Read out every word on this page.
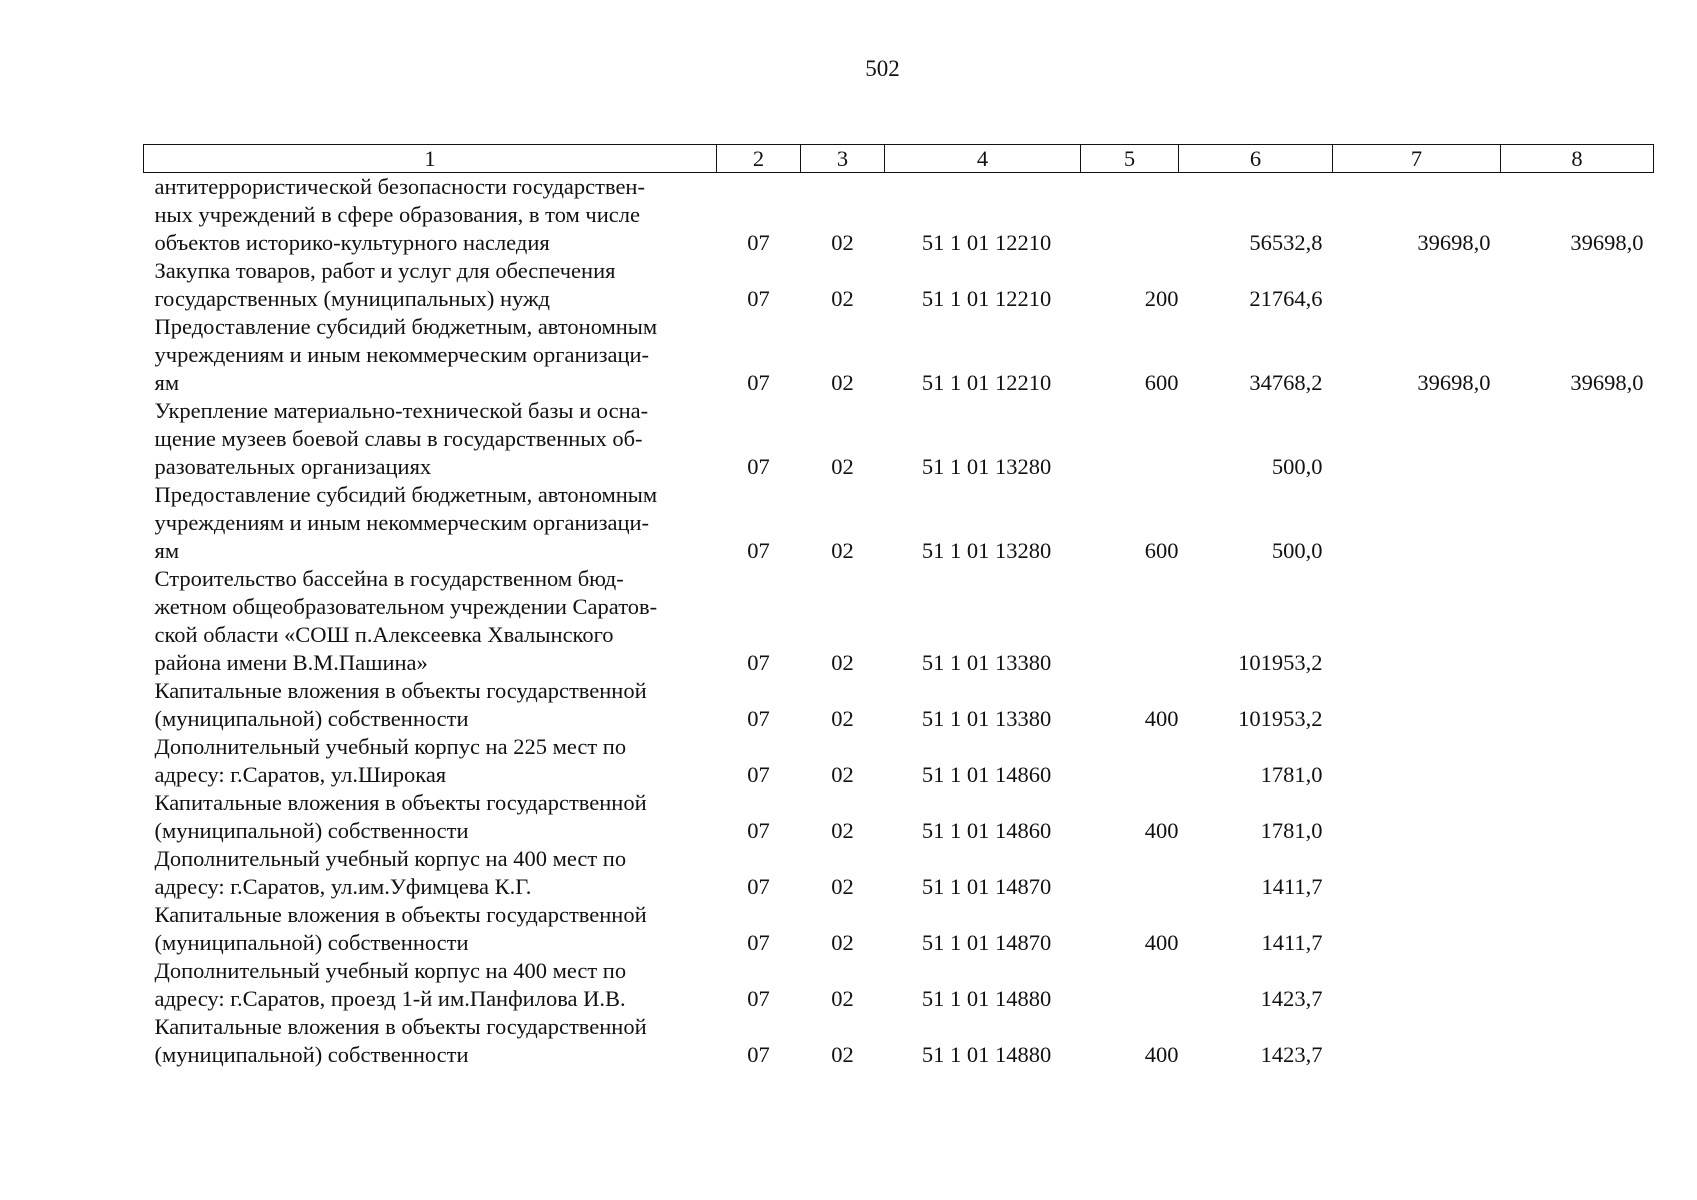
502
1	2	3	4	5	6	7	8
антитеррористической безопасности государствен-
ных учреждений в сфере образования, в том числе
объектов историко-культурного наследия	07	02	51 1 01 12210		56532,8	39698,0	39698,0
Закупка товаров, работ и услуг для обеспечения
государственных (муниципальных) нужд	07	02	51 1 01 12210	200	21764,6		
Предоставление субсидий бюджетным, автономным
учреждениям и иным некоммерческим организаци-
ям	07	02	51 1 01 12210	600	34768,2	39698,0	39698,0
Укрепление материально-технической базы и осна-
щение музеев боевой славы в государственных об-
разовательных организациях	07	02	51 1 01 13280		500,0		
Предоставление субсидий бюджетным, автономным
учреждениям и иным некоммерческим организаци-
ям	07	02	51 1 01 13280	600	500,0		
Строительство бассейна в государственном бюд-
жетном общеобразовательном учреждении Саратов-
ской области «СОШ п.Алексеевка Хвалынского
района имени В.М.Пашина»	07	02	51 1 01 13380		101953,2		
Капитальные вложения в объекты государственной
(муниципальной) собственности	07	02	51 1 01 13380	400	101953,2		
Дополнительный учебный корпус на 225 мест по
адресу: г.Саратов, ул.Широкая	07	02	51 1 01 14860		1781,0		
Капитальные вложения в объекты государственной
(муниципальной) собственности	07	02	51 1 01 14860	400	1781,0		
Дополнительный учебный корпус на 400 мест по
адресу: г.Саратов, ул.им.Уфимцева К.Г.	07	02	51 1 01 14870		1411,7		
Капитальные вложения в объекты государственной
(муниципальной) собственности	07	02	51 1 01 14870	400	1411,7		
Дополнительный учебный корпус на 400 мест по
адресу: г.Саратов, проезд 1-й им.Панфилова И.В.	07	02	51 1 01 14880		1423,7		
Капитальные вложения в объекты государственной
(муниципальной) собственности	07	02	51 1 01 14880	400	1423,7		
